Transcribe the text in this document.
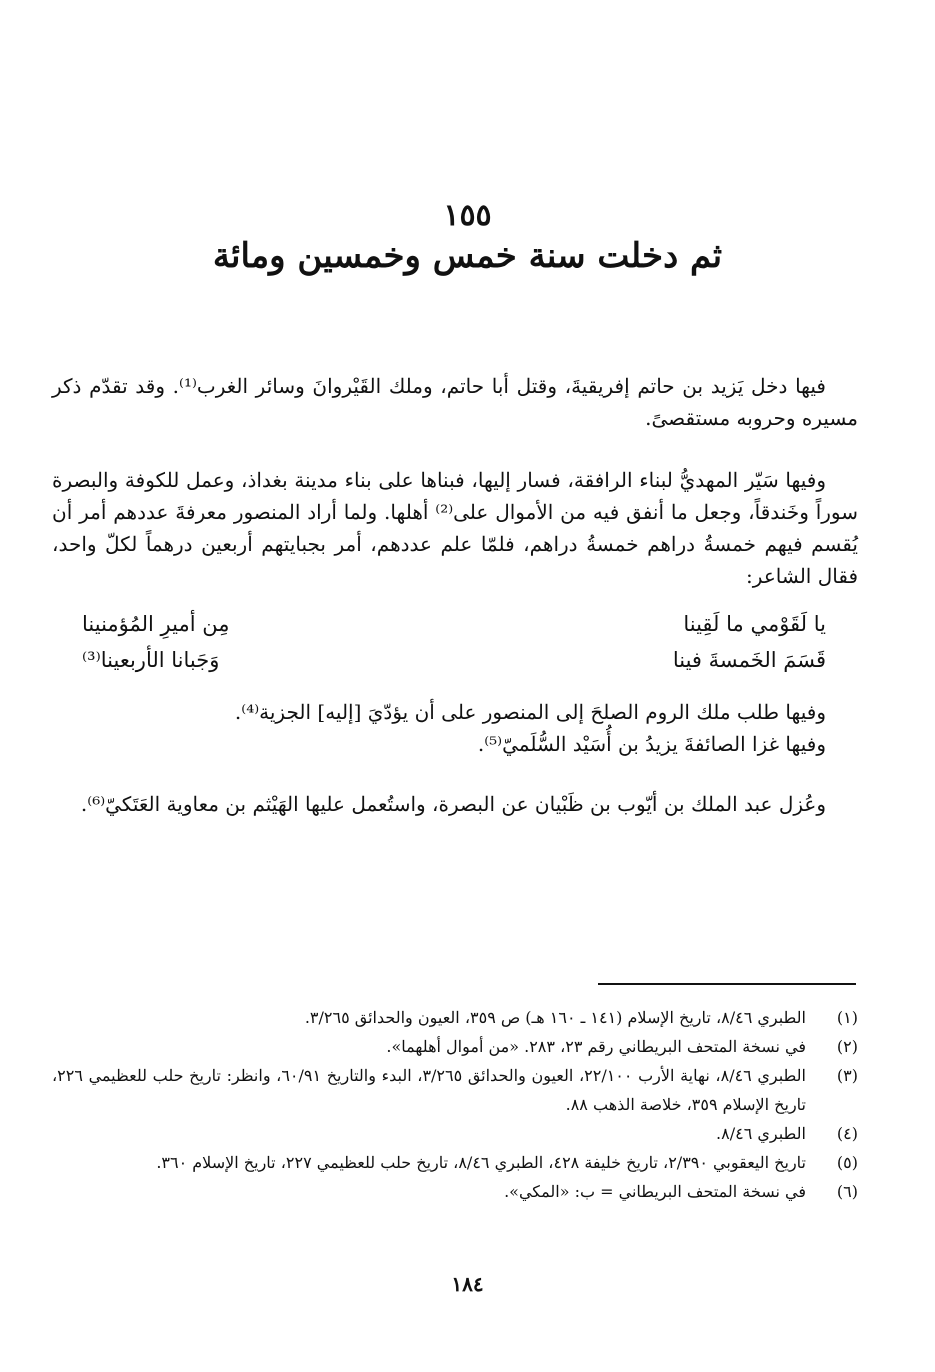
١٥٥
ثم دخلت سنة خمس وخمسين ومائة

فيها دخل يَزيد بن حاتم إفريقيةَ، وقتل أبا حاتم، وملك القَيْروانَ وسائر الغرب⁽¹⁾. وقد تقدّم ذكر مسيره وحروبه مستقصىً.

وفيها سَيّر المهديُّ لبناء الرافقة، فسار إليها، فبناها على بناء مدينة بغداذ، وعمل للكوفة والبصرة سوراً وخَندقاً، وجعل ما أنفق فيه من الأموال على⁽²⁾ أهلها. ولما أراد المنصور معرفةَ عددهم أمر أن يُقسم فيهم خمسةُ دراهم خمسةُ دراهم، فلمّا علم عددهم، أمر بجبايتهم أربعين درهماً لكلّ واحد، فقال الشاعر:

يا لَقَوْمي ما لَقِينا
مِن أميرِ المُؤمنينا
قَسَمَ الخَمسةَ فينا
وَجَبانا الأربعينا⁽³⁾

وفيها طلب ملك الروم الصلحَ إلى المنصور على أن يؤدّيَ [إليه] الجزية⁽⁴⁾.

وفيها غزا الصائفةَ يزيدُ بن أُسَيْد السُّلَميّ⁽⁵⁾.

وعُزل عبد الملك بن أيّوب بن ظَبْيان عن البصرة، واستُعمل عليها الهَيْثم بن معاوية العَتَكيّ⁽⁶⁾.

(١)
الطبري ٨/٤٦، تاريخ الإسلام (١٤١ ـ ١٦٠ هـ) ص ٣٥٩، العيون والحدائق ٣/٢٦٥.
(٢)
في نسخة المتحف البريطاني رقم ٢٣، ٢٨٣. «من أموال أهلهما».
(٣)
الطبري ٨/٤٦، نهاية الأرب ٢٢/١٠٠، العيون والحدائق ٣/٢٦٥، البدء والتاريخ ٦٠/٩١، وانظر: تاريخ حلب للعظيمي ٢٢٦، تاريخ الإسلام ٣٥٩، خلاصة الذهب ٨٨.
(٤)
الطبري ٨/٤٦.
(٥)
تاريخ اليعقوبي ٢/٣٩٠، تاريخ خليفة ٤٢٨، الطبري ٨/٤٦، تاريخ حلب للعظيمي ٢٢٧، تاريخ الإسلام ٣٦٠.
(٦)
في نسخة المتحف البريطاني = ب: «المكي».
١٨٤
